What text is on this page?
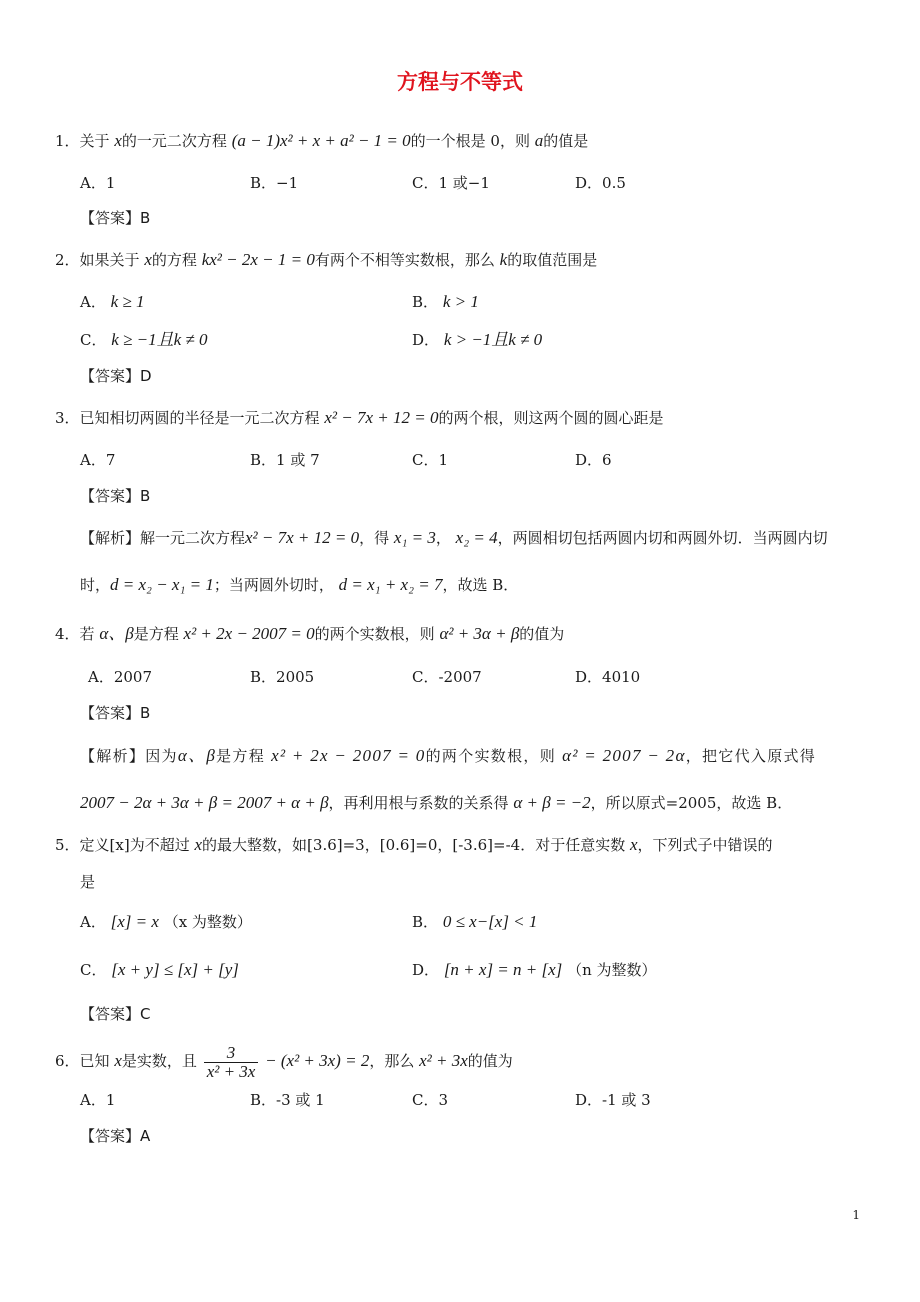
方程与不等式
1．关于 x的一元二次方程 (a − 1)x² + x + a² − 1 = 0的一个根是 0，则 a的值是
A．1	B．−1	C．1 或−1	D．0.5
【答案】B
2．如果关于 x的方程 kx² − 2x − 1 = 0有两个不相等实数根，那么 k的取值范围是
A． k ≥ 1	B． k > 1
C． k ≥ −1且k ≠ 0	D． k > −1且k ≠ 0
【答案】D
3．已知相切两圆的半径是一元二次方程 x² − 7x + 12 = 0的两个根，则这两个圆的圆心距是
A．7	B．1 或 7	C．1	D．6
【答案】B
【解析】解一元二次方程x² − 7x + 12 = 0，得 x₁ = 3， x₂ = 4，两圆相切包括两圆内切和两圆外切．当两圆内切
时，d = x₂ − x₁ = 1；当两圆外切时， d = x₁ + x₂ = 7，故选 B．
4．若 α、β是方程 x² + 2x − 2007 = 0的两个实数根，则 α² + 3α + β的值为
A．2007	B．2005	C．-2007	D．4010
【答案】B
【解析】因为α、β是方程 x² + 2x − 2007 = 0的两个实数根，则 α² = 2007 − 2α，把它代入原式得
2007 − 2α + 3α + β = 2007 + α + β，再利用根与系数的关系得 α + β = −2，所以原式=2005，故选 B．
5．定义[x]为不超过 x的最大整数，如[3.6]=3，[0.6]=0，[-3.6]=-4．对于任意实数 x，下列式子中错误的
是
A． [x] = x （x 为整数）	B． 0 ≤ x−[x] < 1
C． [x + y] ≤ [x] + [y]	D． [n + x] = n + [x] （n 为整数）
【答案】C
6．已知 x是实数，且 $\frac{3}{\text{x² + 3x}} - (x^2 + 3x) = 2$，那么 x² + 3x的值为
A．1	B．-3 或 1	C．3	D．-1 或 3
【答案】A
1
